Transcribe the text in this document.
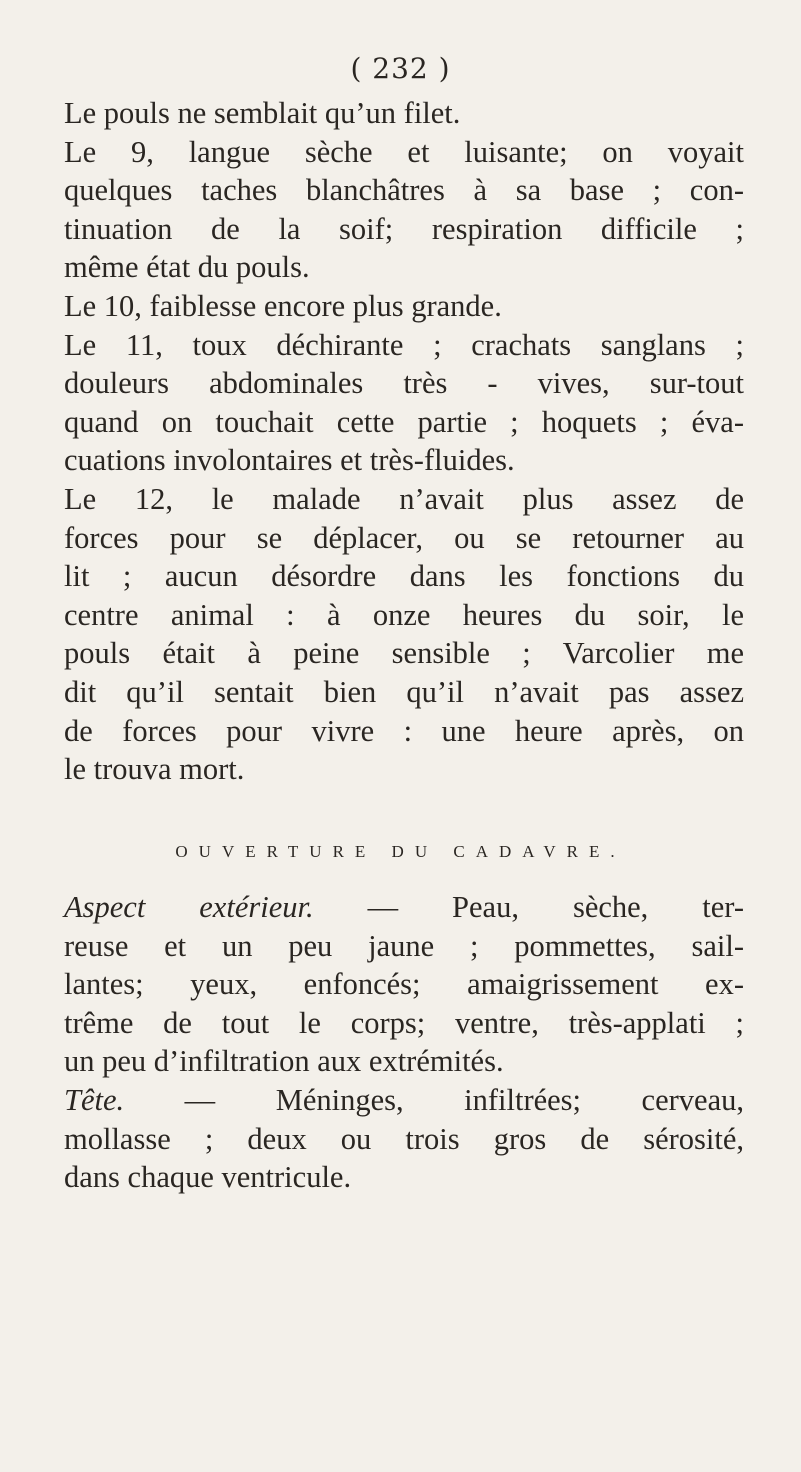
( 232 )
Le pouls ne semblait qu’un filet.
Le 9, langue sèche et luisante; on voyait
quelques taches blanchâtres à sa base ; con-
tinuation de la soif; respiration difficile ;
même état du pouls.
Le 10, faiblesse encore plus grande.
Le 11, toux déchirante ; crachats sanglans ;
douleurs abdominales très - vives, sur-tout
quand on touchait cette partie ; hoquets ; éva-
cuations involontaires et très-fluides.
Le 12, le malade n’avait plus assez de
forces pour se déplacer, ou se retourner au
lit ; aucun désordre dans les fonctions du
centre animal : à onze heures du soir, le
pouls était à peine sensible ; Varcolier me
dit qu’il sentait bien qu’il n’avait pas assez
de forces pour vivre : une heure après, on
le trouva mort.
OUVERTURE DU CADAVRE.
Aspect extérieur. — Peau, sèche, ter-
reuse et un peu jaune ; pommettes, sail-
lantes; yeux, enfoncés; amaigrissement ex-
trême de tout le corps; ventre, très-applati ;
un peu d’infiltration aux extrémités.
Tête. — Méninges, infiltrées; cerveau,
mollasse ; deux ou trois gros de sérosité,
dans chaque ventricule.
